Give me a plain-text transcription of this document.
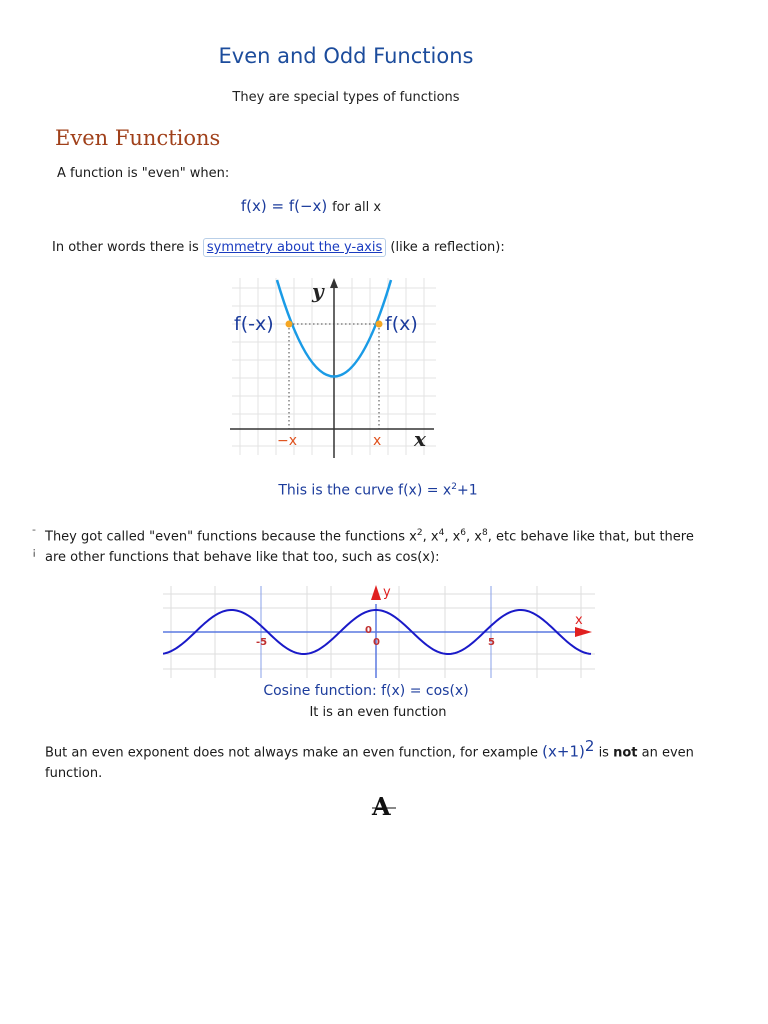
Even and Odd Functions
They are special types of functions
Even Functions
A function is "even" when:
f(x) = f(−x) for all x
In other words there is symmetry about the y-axis (like a reflection):
y
x
f(-x)	f(x)
−x	x
This is the curve $f(x) = x^2+1$
-
¡
They got called "even" functions because the functions $x^2$, $x^4$, $x^6$, $x^8$, etc behave like that, but there
are other functions that behave like that too, such as cos(x):
y
x
-5	0	5
0
Cosine function: f(x) = cos(x)
It is an even function
But an even exponent does not always make an even function, for example $(x+1)^2$ is not an even
function.
A
